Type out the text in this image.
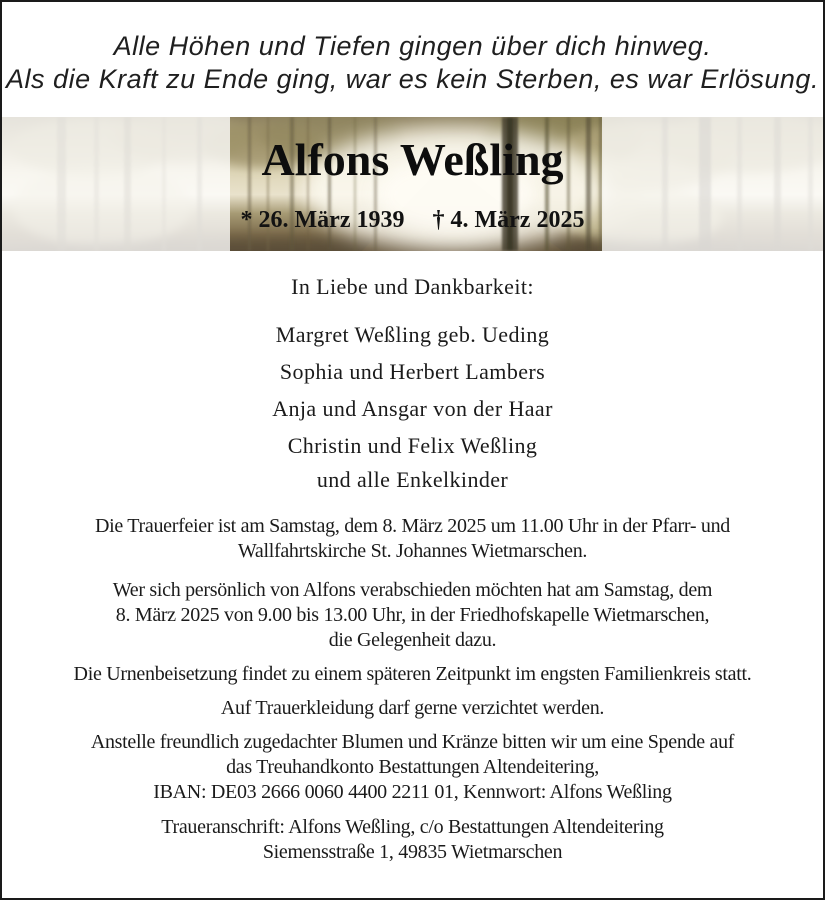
Alle Höhen und Tiefen gingen über dich hinweg.
Als die Kraft zu Ende ging, war es kein Sterben, es war Erlösung.
Alfons Weßling
* 26. März 1939 † 4. März 2025
In Liebe und Dankbarkeit:
Margret Weßling geb. Ueding
Sophia und Herbert Lambers
Anja und Ansgar von der Haar
Christin und Felix Weßling
und alle Enkelkinder
Die Trauerfeier ist am Samstag, dem 8. März 2025 um 11.00 Uhr in der Pfarr- und
Wallfahrtskirche St. Johannes Wietmarschen.
Wer sich persönlich von Alfons verabschieden möchten hat am Samstag, dem
8. März 2025 von 9.00 bis 13.00 Uhr, in der Friedhofskapelle Wietmarschen,
die Gelegenheit dazu.
Die Urnenbeisetzung findet zu einem späteren Zeitpunkt im engsten Familienkreis statt.
Auf Trauerkleidung darf gerne verzichtet werden.
Anstelle freundlich zugedachter Blumen und Kränze bitten wir um eine Spende auf
das Treuhandkonto Bestattungen Altendeitering,
IBAN: DE03 2666 0060 4400 2211 01, Kennwort: Alfons Weßling
Traueranschrift: Alfons Weßling, c/o Bestattungen Altendeitering
Siemensstraße 1, 49835 Wietmarschen
